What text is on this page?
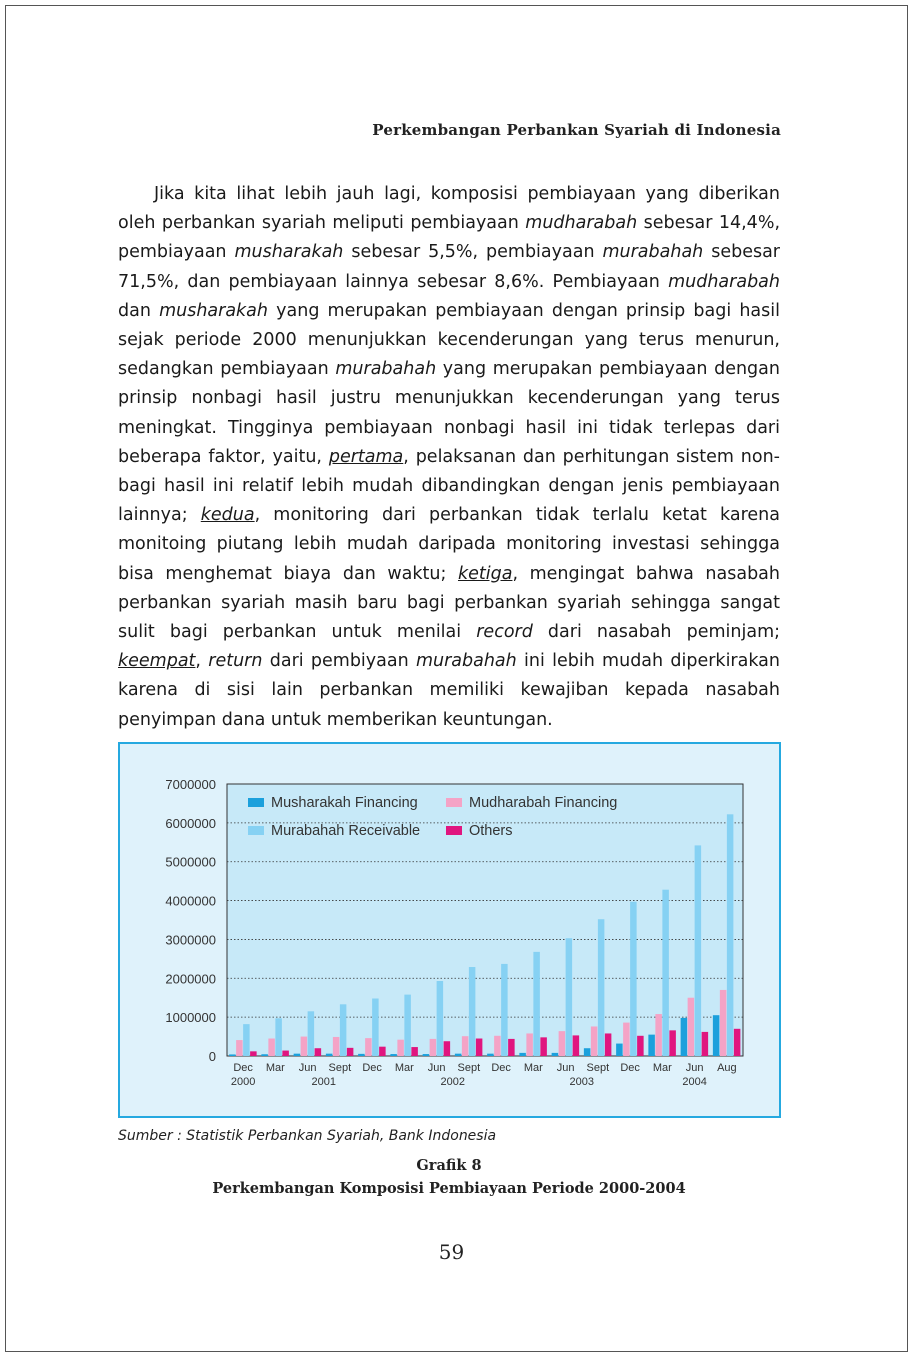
Perkembangan Perbankan Syariah di Indonesia

Jika kita lihat lebih jauh lagi, komposisi pembiayaan yang diberikan oleh perbankan syariah meliputi pembiayaan mudharabah sebesar 14,4%, pembiayaan musharakah sebesar 5,5%, pembiayaan murabahah sebesar 71,5%, dan pembiayaan lainnya sebesar 8,6%. Pembiayaan mudharabah dan musharakah yang merupakan pembiayaan dengan prinsip bagi hasil sejak periode 2000 menunjukkan kecenderungan yang terus menurun, sedangkan pembiayaan murabahah yang merupakan pembiayaan dengan prinsip nonbagi hasil justru menunjukkan kecenderungan yang terus meningkat. Tingginya pembiayaan nonbagi hasil ini tidak terlepas dari beberapa faktor, yaitu, pertama, pelaksanan dan perhitungan sistem non-bagi hasil ini relatif lebih mudah dibandingkan dengan jenis pembiayaan lainnya; kedua, monitoring dari perbankan tidak terlalu ketat karena monitoing piutang lebih mudah daripada monitoring investasi sehingga bisa menghemat biaya dan waktu; ketiga, mengingat bahwa nasabah perbankan syariah masih baru bagi perbankan syariah sehingga sangat sulit bagi perbankan untuk menilai record dari nasabah peminjam; keempat, return dari pembiyaan murabahah ini lebih mudah diperkirakan karena di sisi lain perbankan memiliki kewajiban kepada nasabah penyimpan dana untuk memberikan keuntungan.

7000000
6000000
5000000
4000000
3000000
2000000
1000000
0
Dec Mar Jun Sept Dec Mar Jun Sept Dec Mar Jun Sept Dec Mar Jun Aug
2000	2001	2002	2003	2004
Musharakah Financing	Mudharabah Financing
Murabahah Receivable	Others
Sumber : Statistik Perbankan Syariah, Bank Indonesia
Grafik 8
Perkembangan Komposisi Pembiayaan Periode 2000-2004
59
